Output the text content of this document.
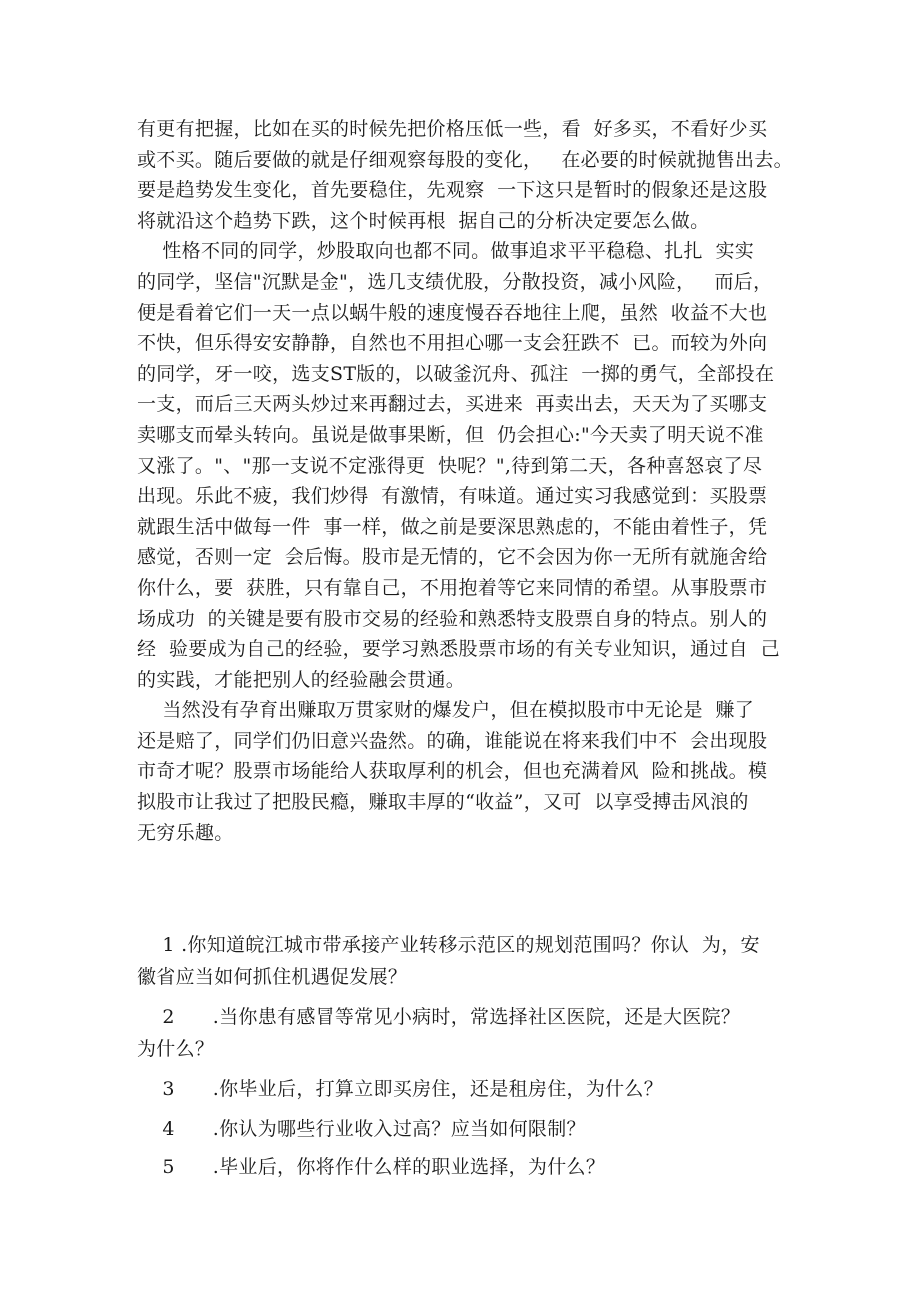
有更有把握，比如在买的时候先把价格压低一些，看  好多买，不看好少买
或不买。随后要做的就是仔细观察每股的变化，   在必要的时候就抛售出去。
要是趋势发生变化，首先要稳住，先观察  一下这只是暂时的假象还是这股
将就沿这个趋势下跌，这个时候再根  据自己的分析决定要怎么做。
性格不同的同学，炒股取向也都不同。做事追求平平稳稳、扎扎  实实
的同学，坚信"沉默是金"，选几支绩优股，分散投资，减小风险，   而后，
便是看着它们一天一点以蜗牛般的速度慢吞吞地往上爬，虽然  收益不大也
不快，但乐得安安静静，自然也不用担心哪一支会狂跌不  已。而较为外向
的同学，牙一咬，选支ST版的，以破釜沉舟、孤注  一掷的勇气，全部投在
一支，而后三天两头炒过来再翻过去，买进来  再卖出去，天天为了买哪支
卖哪支而晕头转向。虽说是做事果断，但  仍会担心:"今天卖了明天说不准
又涨了。"、"那一支说不定涨得更  快呢？",待到第二天，各种喜怒哀了尽
出现。乐此不疲，我们炒得  有激情，有味道。通过实习我感觉到：买股票
就跟生活中做每一件  事一样，做之前是要深思熟虑的，不能由着性子，凭
感觉，否则一定  会后悔。股市是无情的，它不会因为你一无所有就施舍给
你什么，要  获胜，只有靠自己，不用抱着等它来同情的希望。从事股票市
场成功  的关键是要有股市交易的经验和熟悉特支股票自身的特点。别人的
经  验要成为自己的经验，要学习熟悉股票市场的有关专业知识，通过自  己
的实践，才能把别人的经验融会贯通。
当然没有孕育出赚取万贯家财的爆发户，但在模拟股市中无论是  赚了
还是赔了，同学们仍旧意兴盎然。的确，谁能说在将来我们中不  会出现股
市奇才呢？股票市场能给人获取厚利的机会，但也充满着风  险和挑战。模
拟股市让我过了把股民瘾，赚取丰厚的“收益”，又可  以享受搏击风浪的
无穷乐趣。
1 .你知道皖江城市带承接产业转移示范区的规划范围吗？你认  为，安
徽省应当如何抓住机遇促发展？
2      .当你患有感冒等常见小病时，常选择社区医院，还是大医院？
为什么？
3      .你毕业后，打算立即买房住，还是租房住，为什么？
4      .你认为哪些行业收入过高？应当如何限制？
5      .毕业后，你将作什么样的职业选择，为什么？
